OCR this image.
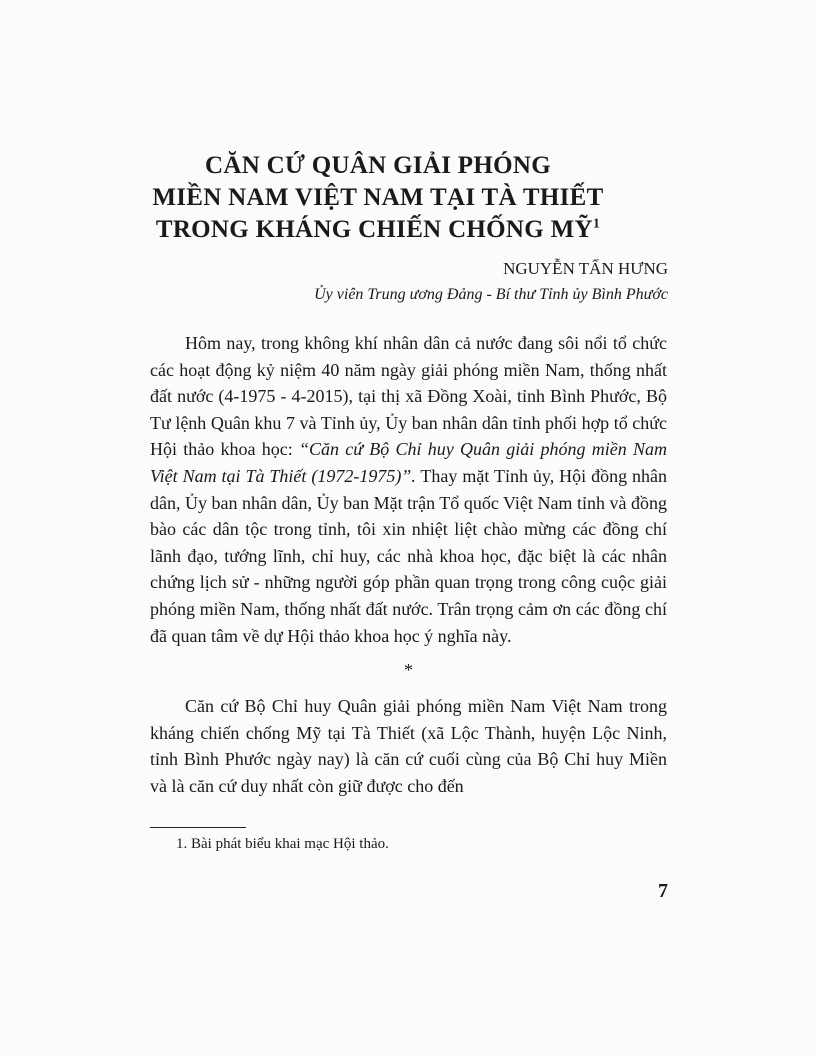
CĂN CỨ QUÂN GIẢI PHÓNG
MIỀN NAM VIỆT NAM TẠI TÀ THIẾT
TRONG KHÁNG CHIẾN CHỐNG MỸ$^1$
NGUYỄN TẤN HƯNG
Ủy viên Trung ương Đảng - Bí thư Tỉnh ủy Bình Phước

Hôm nay, trong không khí nhân dân cả nước đang sôi nổi tổ chức các hoạt động kỷ niệm 40 năm ngày giải phóng miền Nam, thống nhất đất nước (4-1975 - 4-2015), tại thị xã Đồng Xoài, tỉnh Bình Phước, Bộ Tư lệnh Quân khu 7 và Tỉnh ủy, Ủy ban nhân dân tỉnh phối hợp tổ chức Hội thảo khoa học: “Căn cứ Bộ Chỉ huy Quân giải phóng miền Nam Việt Nam tại Tà Thiết (1972-1975)”. Thay mặt Tỉnh ủy, Hội đồng nhân dân, Ủy ban nhân dân, Ủy ban Mặt trận Tổ quốc Việt Nam tỉnh và đồng bào các dân tộc trong tỉnh, tôi xin nhiệt liệt chào mừng các đồng chí lãnh đạo, tướng lĩnh, chỉ huy, các nhà khoa học, đặc biệt là các nhân chứng lịch sử - những người góp phần quan trọng trong công cuộc giải phóng miền Nam, thống nhất đất nước. Trân trọng cảm ơn các đồng chí đã quan tâm về dự Hội thảo khoa học ý nghĩa này.

*

Căn cứ Bộ Chỉ huy Quân giải phóng miền Nam Việt Nam trong kháng chiến chống Mỹ tại Tà Thiết (xã Lộc Thành, huyện Lộc Ninh, tỉnh Bình Phước ngày nay) là căn cứ cuối cùng của Bộ Chỉ huy Miền và là căn cứ duy nhất còn giữ được cho đến

1. Bài phát biểu khai mạc Hội thảo.
7
